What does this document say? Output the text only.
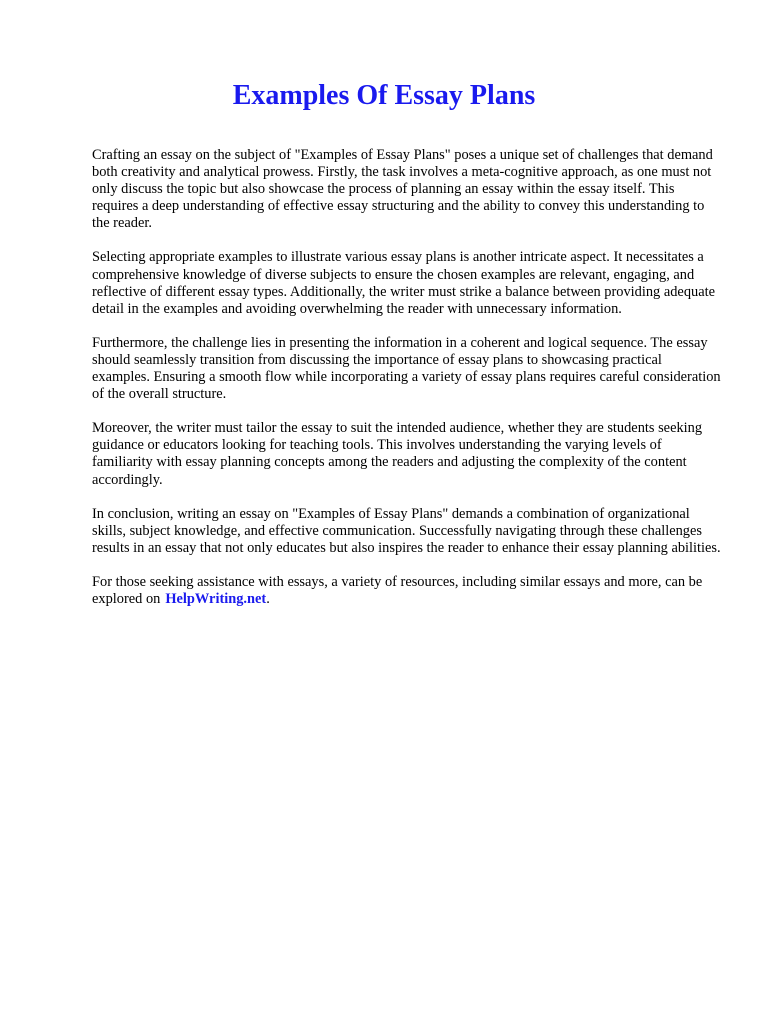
Examples Of Essay Plans

Crafting an essay on the subject of "Examples of Essay Plans" poses a unique set of challenges that demand both creativity and analytical prowess. Firstly, the task involves a meta-cognitive approach, as one must not only discuss the topic but also showcase the process of planning an essay within the essay itself. This requires a deep understanding of effective essay structuring and the ability to convey this understanding to the reader.

Selecting appropriate examples to illustrate various essay plans is another intricate aspect. It necessitates a comprehensive knowledge of diverse subjects to ensure the chosen examples are relevant, engaging, and reflective of different essay types. Additionally, the writer must strike a balance between providing adequate detail in the examples and avoiding overwhelming the reader with unnecessary information.

Furthermore, the challenge lies in presenting the information in a coherent and logical sequence. The essay should seamlessly transition from discussing the importance of essay plans to showcasing practical examples. Ensuring a smooth flow while incorporating a variety of essay plans requires careful consideration of the overall structure.

Moreover, the writer must tailor the essay to suit the intended audience, whether they are students seeking guidance or educators looking for teaching tools. This involves understanding the varying levels of familiarity with essay planning concepts among the readers and adjusting the complexity of the content accordingly.

In conclusion, writing an essay on "Examples of Essay Plans" demands a combination of organizational skills, subject knowledge, and effective communication. Successfully navigating through these challenges results in an essay that not only educates but also inspires the reader to enhance their essay planning abilities.

For those seeking assistance with essays, a variety of resources, including similar essays and more, can be explored on HelpWriting.net.
